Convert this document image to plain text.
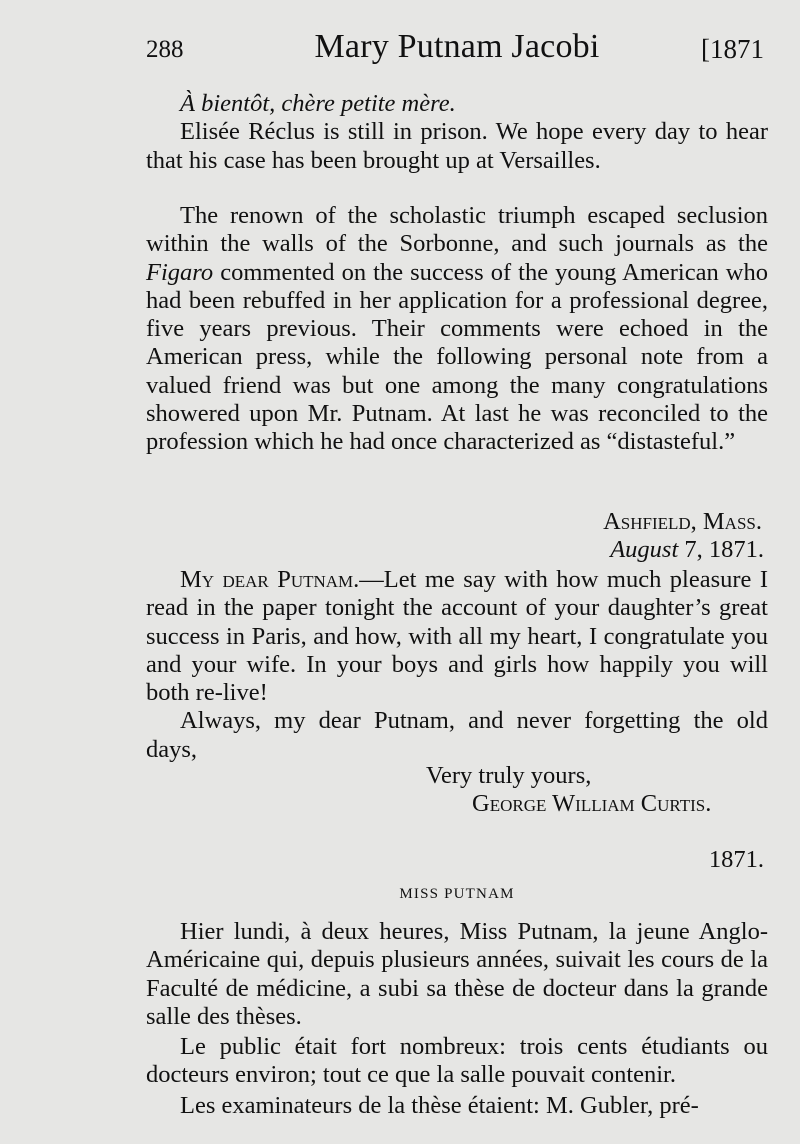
288	Mary Putnam Jacobi	[1871

À bientôt, chère petite mère.

Elisée Réclus is still in prison. We hope every day to hear that his case has been brought up at Versailles.

The renown of the scholastic triumph escaped seclusion within the walls of the Sorbonne, and such journals as the Figaro commented on the success of the young American who had been rebuffed in her application for a professional degree, five years previous. Their comments were echoed in the American press, while the following personal note from a valued friend was but one among the many congratulations showered upon Mr. Putnam. At last he was reconciled to the profession which he had once characterized as “distasteful.”

Ashfield, Mass.

August 7, 1871.

My dear Putnam.—Let me say with how much pleasure I read in the paper tonight the account of your daughter’s great success in Paris, and how, with all my heart, I congratulate you and your wife. In your boys and girls how happily you will both re-live!

Always, my dear Putnam, and never forgetting the old days,

Very truly yours,

George William Curtis.

1871.

MISS PUTNAM

Hier lundi, à deux heures, Miss Putnam, la jeune Anglo-Américaine qui, depuis plusieurs années, suivait les cours de la Faculté de médicine, a subi sa thèse de docteur dans la grande salle des thèses.

Le public était fort nombreux: trois cents étudiants ou docteurs environ; tout ce que la salle pouvait contenir.

Les examinateurs de la thèse étaient: M. Gubler, pré-
